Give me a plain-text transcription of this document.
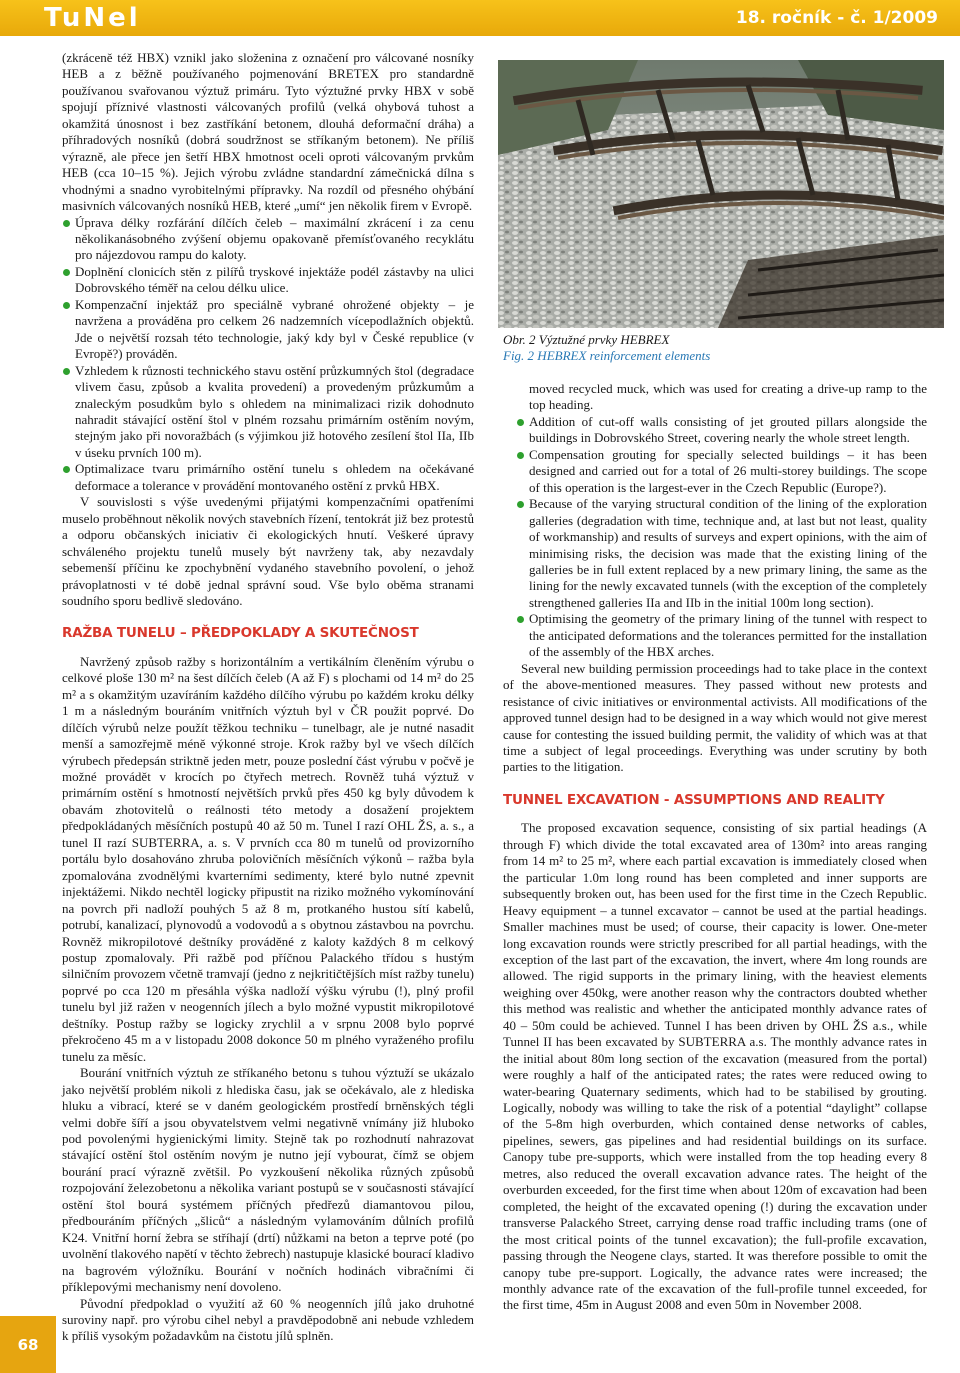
TuNel	18. ročník - č. 1/2009

(zkráceně též HBX) vznikl jako složenina z označení pro válcované nosníky HEB a z běžně používaného pojmenování BRETEX pro standardně používanou svařovanou výztuž primáru. Tyto výztužné prvky HBX v sobě spojují příznivé vlastnosti válcovaných profilů (velká ohybová tuhost a okamžitá únosnost i bez zastříkání betonem, dlouhá deformační dráha) a příhradových nosníků (dobrá soudržnost se stříkaným betonem). Ne příliš výrazně, ale přece jen šetří HBX hmotnost oceli oproti válcovaným prvkům HEB (cca 10–15 %). Jejich výrobu zvládne standardní zámečnická dílna s vhodnými a snadno vyrobitelnými přípravky. Na rozdíl od přesného ohýbání masivních válcovaných nosníků HEB, které „umí“ jen několik firem v Evropě.

Úprava délky rozfárání dílčích čeleb – maximální zkrácení i za cenu několikanásobného zvýšení objemu opakovaně přemísťovaného recyklátu pro nájezdovou rampu do kaloty.
Doplnění clonicích stěn z pilířů tryskové injektáže podél zástavby na ulici Dobrovského téměř na celou délku ulice.
Kompenzační injektáž pro speciálně vybrané ohrožené objekty – je navržena a prováděna pro celkem 26 nadzemních vícepodlažních objektů. Jde o největší rozsah této technologie, jaký kdy byl v České republice (v Evropě?) prováděn.
Vzhledem k různosti technického stavu ostění průzkumných štol (degradace vlivem času, způsob a kvalita provedení) a provedeným průzkumům a znaleckým posudkům bylo s ohledem na minimalizaci rizik dohodnuto nahradit stávající ostění štol v plném rozsahu primárním ostěním novým, stejným jako při novoražbách (s výjimkou již hotového zesílení štol IIa, IIb v úseku prvních 100 m).
Optimalizace tvaru primárního ostění tunelu s ohledem na očekávané deformace a tolerance v provádění montovaného ostění z prvků HBX.

V souvislosti s výše uvedenými přijatými kompenzačními opatřeními muselo proběhnout několik nových stavebních řízení, tentokrát již bez protestů a odporu občanských iniciativ či ekologických hnutí. Veškeré úpravy schváleného projektu tunelů musely být navrženy tak, aby nezavdaly sebemenší příčinu ke zpochybnění vydaného stavebního povolení, o jehož právoplatnosti v té době jednal správní soud. Vše bylo oběma stranami soudního sporu bedlivě sledováno.

RAŽBA TUNELU – PŘEDPOKLADY A SKUTEČNOST

Navržený způsob ražby s horizontálním a vertikálním členěním výrubu o celkové ploše 130 m² na šest dílčích čeleb (A až F) s plochami od 14 m² do 25 m² a s okamžitým uzavíráním každého dílčího výrubu po každém kroku délky 1 m a následným bouráním vnitřních výztuh byl v ČR použit poprvé. Do dílčích výrubů nelze použít těžkou techniku – tunelbagr, ale je nutné nasadit menší a samozřejmě méně výkonné stroje. Krok ražby byl ve všech dílčích výrubech předepsán striktně jeden metr, pouze poslední část výrubu v počvě je možné provádět v krocích po čtyřech metrech. Rovněž tuhá výztuž v primárním ostění s hmotností největších prvků přes 450 kg byly důvodem k obavám zhotovitelů o reálnosti této metody a dosažení projektem předpokládaných měsíčních postupů 40 až 50 m. Tunel I razí OHL ŽS, a. s., a tunel II razí SUBTERRA, a. s. V prvních cca 80 m tunelů od provizorního portálu bylo dosahováno zhruba polovičních měsíčních výkonů – ražba byla zpomalována zvodnělými kvarterními sedimenty, které bylo nutné zpevnit injektážemi. Nikdo nechtěl logicky připustit na riziko možného vykomínování na povrch při nadloží pouhých 5 až 8 m, protkaného hustou sítí kabelů, potrubí, kanalizací, plynovodů a vodovodů a s obytnou zástavbou na povrchu. Rovněž mikropilotové deštníky prováděné z kaloty každých 8 m celkový postup zpomalovaly. Při ražbě pod příčnou Palackého třídou s hustým silničním provozem včetně tramvají (jedno z nejkritičtějších míst ražby tunelu) poprvé po cca 120 m přesáhla výška nadloží výšku výrubu (!), plný profil tunelu byl již ražen v neogenních jílech a bylo možné vypustit mikropilotové deštníky. Postup ražby se logicky zrychlil a v srpnu 2008 bylo poprvé překročeno 45 m a v listopadu 2008 dokonce 50 m plného vyraženého profilu tunelu za měsíc.

Bourání vnitřních výztuh ze stříkaného betonu s tuhou výztuží se ukázalo jako největší problém nikoli z hlediska času, jak se očekávalo, ale z hlediska hluku a vibrací, které se v daném geologickém prostředí brněnských tégli velmi dobře šíří a jsou obyvatelstvem velmi negativně vnímány již hluboko pod povolenými hygienickými limity. Stejně tak po rozhodnutí nahrazovat stávající ostění štol ostěním novým je nutno její vybourat, čímž se objem bourání prací výrazně zvětšil. Po vyzkoušení několika různých způsobů rozpojování železobetonu a několika variant postupů se v současnosti stávající ostění štol bourá systémem příčných předřezů diamantovou pilou, předbouráním příčných „šliců“ a následným vylamováním důlních profilů K24. Vnitřní horní žebra se stříhají (drtí) nůžkami na beton a teprve poté (po uvolnění tlakového napětí v těchto žebrech) nastupuje klasické bourací kladivo na bagrovém výložníku. Bourání v nočních hodinách vibračními či příklepovými mechanismy není dovoleno.

Původní předpoklad o využití až 60 % neogenních jílů jako druhotné suroviny např. pro výrobu cihel nebyl a pravděpodobně ani nebude vzhledem k příliš vysokým požadavkům na čistotu jílů splněn.

Obr. 2 Výztužné prvky HEBREX
Fig. 2 HEBREX reinforcement elements

moved recycled muck, which was used for creating a drive-up ramp to the top heading.

Addition of cut-off walls consisting of jet grouted pillars alongside the buildings in Dobrovského Street, covering nearly the whole street length.
Compensation grouting for specially selected buildings – it has been designed and carried out for a total of 26 multi-storey buildings. The scope of this operation is the largest-ever in the Czech Republic (Europe?).
Because of the varying structural condition of the lining of the exploration galleries (degradation with time, technique and, at last but not least, quality of workmanship) and results of surveys and expert opinions, with the aim of minimising risks, the decision was made that the existing lining of the galleries be in full extent replaced by a new primary lining, the same as the lining for the newly excavated tunnels (with the exception of the completely strengthened galleries IIa and IIb in the initial 100m long section).
Optimising the geometry of the primary lining of the tunnel with respect to the anticipated deformations and the tolerances permitted for the installation of the assembly of the HBX arches.

Several new building permission proceedings had to take place in the context of the above-mentioned measures. They passed without new protests and resistance of civic initiatives or environmental activists. All modifications of the approved tunnel design had to be designed in a way which would not give merest cause for contesting the issued building permit, the validity of which was at that time a subject of legal proceedings. Everything was under scrutiny by both parties to the litigation.

TUNNEL EXCAVATION - ASSUMPTIONS AND REALITY

The proposed excavation sequence, consisting of six partial headings (A through F) which divide the total excavated area of 130m² into areas ranging from 14 m² to 25 m², where each partial excavation is immediately closed when the particular 1.0m long round has been completed and inner supports are subsequently broken out, has been used for the first time in the Czech Republic. Heavy equipment – a tunnel excavator – cannot be used at the partial headings. Smaller machines must be used; of course, their capacity is lower. One-meter long excavation rounds were strictly prescribed for all partial headings, with the exception of the last part of the excavation, the invert, where 4m long rounds are allowed. The rigid supports in the primary lining, with the heaviest elements weighing over 450kg, were another reason why the contractors doubted whether this method was realistic and whether the anticipated monthly advance rates of 40 – 50m could be achieved. Tunnel I has been driven by OHL ŽS a.s., while Tunnel II has been excavated by SUBTERRA a.s. The monthly advance rates in the initial about 80m long section of the excavation (measured from the portal) were roughly a half of the anticipated rates; the rates were reduced owing to water-bearing Quaternary sediments, which had to be stabilised by grouting. Logically, nobody was willing to take the risk of a potential “daylight” collapse of the 5-8m high overburden, which contained dense networks of cables, pipelines, sewers, gas pipelines and had residential buildings on its surface. Canopy tube pre-supports, which were installed from the top heading every 8 metres, also reduced the overall excavation advance rates. The height of the overburden exceeded, for the first time when about 120m of excavation had been completed, the height of the excavated opening (!) during the excavation under transverse Palackého Street, carrying dense road traffic including trams (one of the most critical points of the tunnel excavation); the full-profile excavation, passing through the Neogene clays, started. It was therefore possible to omit the canopy tube pre-support. Logically, the advance rates were increased; the monthly advance rate of the excavation of the full-profile tunnel exceeded, for the first time, 45m in August 2008 and even 50m in November 2008.

68
